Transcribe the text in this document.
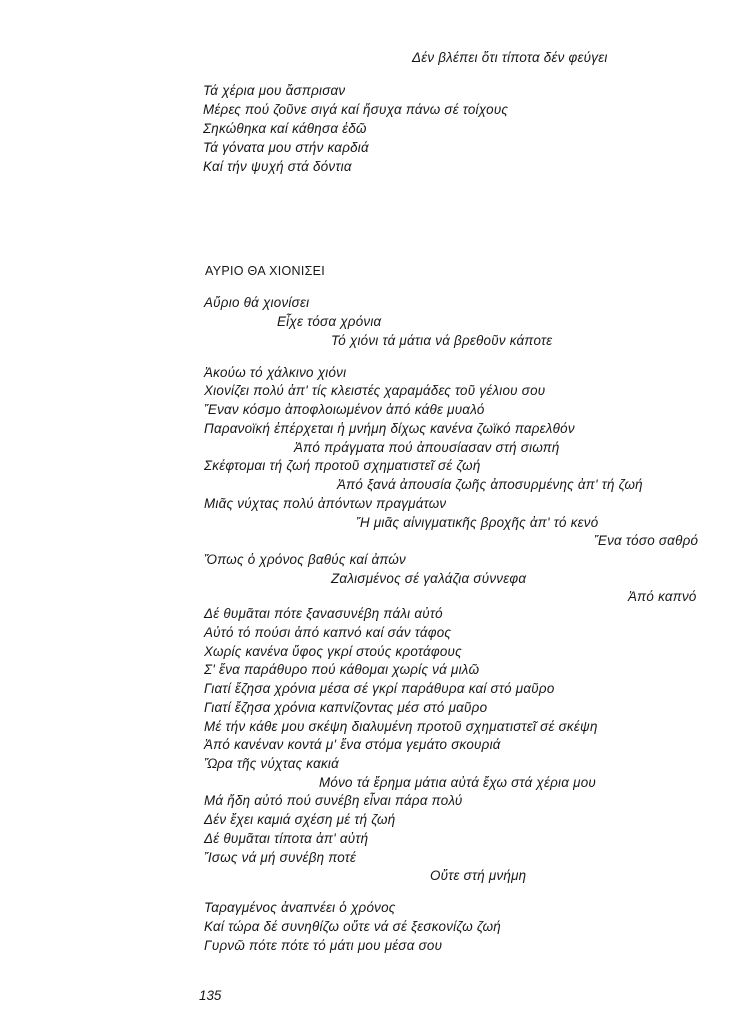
Δέν βλέπει ὅτι τίποτα δέν φεύγει
Τά χέρια μου ἄσπρισαν
Μέρες πού ζοῦνε σιγά καί ἥσυχα πάνω σέ τοίχους
Σηκώθηκα καί κάθησα ἐδῶ
Τά γόνατα μου στήν καρδιά
Καί τήν ψυχή στά δόντια
ΑΥΡΙΟ ΘΑ ΧΙΟΝΙΣΕΙ
Αὔριο θά χιονίσει
Εἶχε τόσα χρόνια
Τό χιόνι τά μάτια νά βρεθοῦν κάποτε
Ἀκούω τό χάλκινο χιόνι
Χιονίζει πολύ ἀπ' τίς κλειστές χαραμάδες τοῦ γέλιου σου
Ἕναν κόσμο ἀποφλοιωμένον ἀπό κάθε μυαλό
Παρανοϊκή ἐπέρχεται ἡ μνήμη δίχως κανένα ζωϊκό παρελθόν
Ἀπό πράγματα πού ἀπουσίασαν στή σιωπή
Σκέφτομαι τή ζωή προτοῦ σχηματιστεῖ σέ ζωή
Ἀπό ξανά ἀπουσία ζωῆς ἀποσυρμένης ἀπ' τή ζωή
Μιᾶς νύχτας πολύ ἀπόντων πραγμάτων
Ἤ μιᾶς αἰνιγματικῆς βροχῆς ἀπ' τό κενό
Ἕνα τόσο σαθρό
Ὅπως ὁ χρόνος βαθύς καί ἀπών
Ζαλισμένος σέ γαλάζια σύννεφα
Ἀπό καπνό
Δέ θυμᾶται πότε ξανασυνέβη πάλι αὐτό
Αὐτό τό πούσι ἀπό καπνό καί σάν τάφος
Χωρίς κανένα ὕφος γκρί στούς κροτάφους
Σ' ἕνα παράθυρο πού κάθομαι χωρίς νά μιλῶ
Γιατί ἔζησα χρόνια μέσα σέ γκρί παράθυρα καί στό μαῦρο
Γιατί ἔζησα χρόνια καπνίζοντας μέσ στό μαῦρο
Μέ τήν κάθε μου σκέψη διαλυμένη προτοῦ σχηματιστεῖ σέ σκέψη
Ἀπό κανέναν κοντά μ' ἕνα στόμα γεμάτο σκουριά
Ὥρα τῆς νύχτας κακιά
Μόνο τά ἔρημα μάτια αὐτά ἔχω στά χέρια μου
Μά ἤδη αὐτό πού συνέβη εἶναι πάρα πολύ
Δέν ἔχει καμιά σχέση μέ τή ζωή
Δέ θυμᾶται τίποτα ἀπ' αὐτή
Ἴσως νά μή συνέβη ποτέ
Οὔτε στή μνήμη
Ταραγμένος ἀναπνέει ὁ χρόνος
Καί τώρα δέ συνηθίζω οὔτε νά σέ ξεσκονίζω ζωή
Γυρνῶ πότε πότε τό μάτι μου μέσα σου
135
